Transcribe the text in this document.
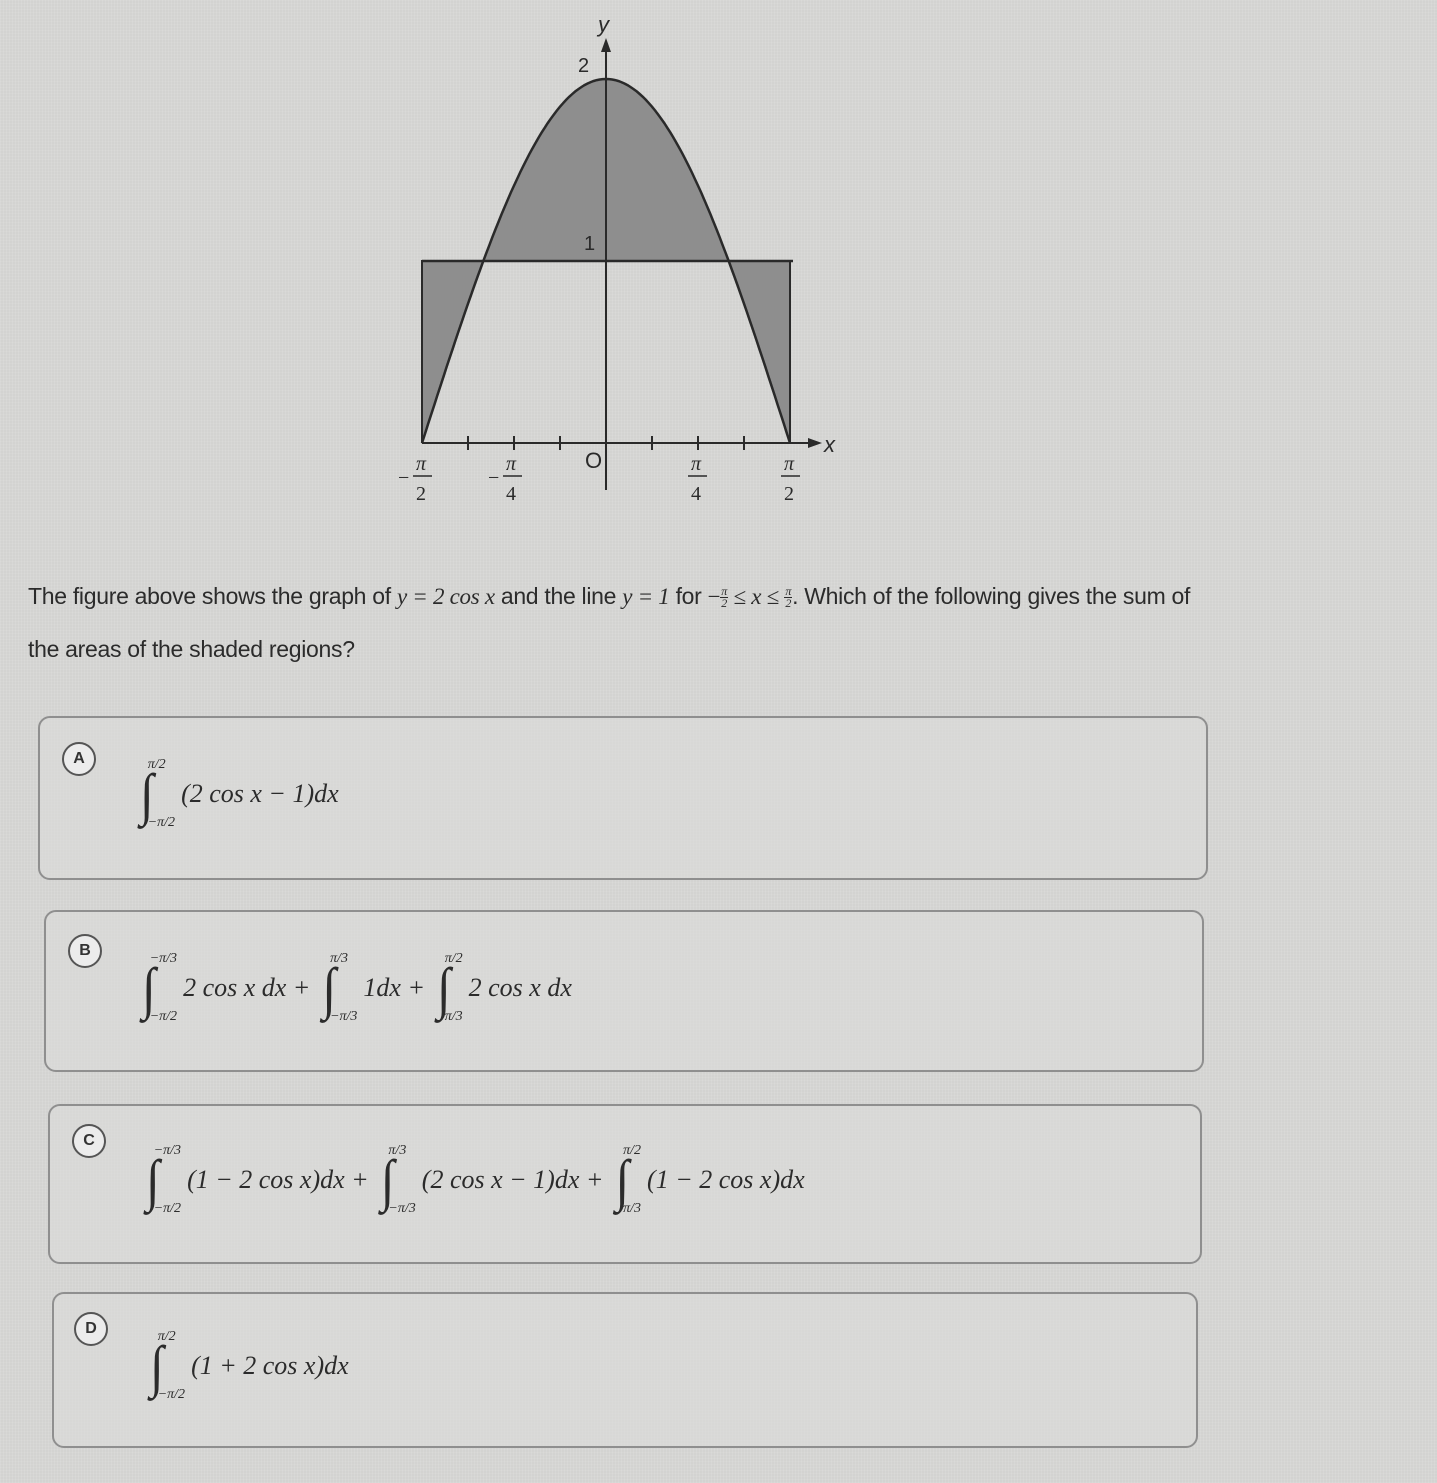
y
x
2
1
O
−
π
2
−
π
4
π
4
π
2
The figure above shows the graph of y = 2 cos x and the line y = 1 for − $\frac{\pi}{2} \le x \le \frac{\pi}{2}$ . Which of the following gives the sum of the areas of the shaded regions?
A
∫
π/2
−π/2
(2 cos x − 1)dx
B
∫
−π/3
−π/2
2 cos x dx + ∫
π/3
−π/3
1dx + ∫
π/2
π/3
2 cos x dx
C
∫
−π/3
−π/2
(1 − 2 cos x)dx + ∫
π/3
−π/3
(2 cos x − 1)dx + ∫
π/2
π/3
(1 − 2 cos x)dx
D
∫
π/2
−π/2
(1 + 2 cos x)dx
